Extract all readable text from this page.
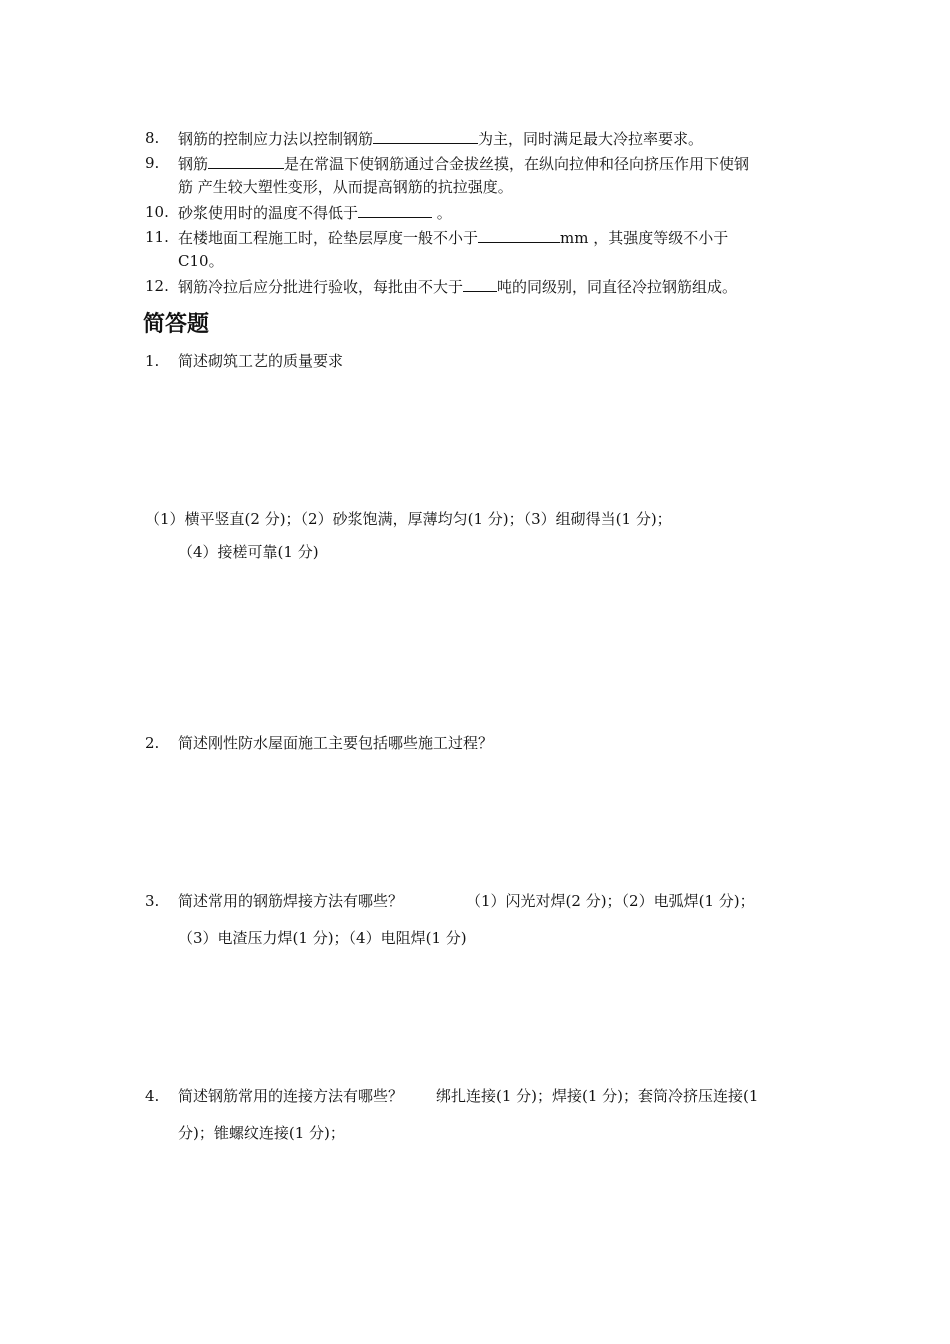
8. 钢筋的控制应力法以控制钢筋	为主，同时满足最大冷拉率要求。
9. 钢筋	是在常温下使钢筋通过合金拔丝摸，在纵向拉伸和径向挤压作用下使钢
筋 产生较大塑性变形，从而提高钢筋的抗拉强度。
10. 砂浆使用时的温度不得低于	。
11. 在楼地面工程施工时，砼垫层厚度一般不小于	mm ，其强度等级不小于
C10。
12. 钢筋冷拉后应分批进行验收，每批由不大于 吨的同级别，同直径冷拉钢筋组成。
简答题
1. 简述砌筑工艺的质量要求
（1）横平竖直(2 分)；（2）砂浆饱满，厚薄均匀(1 分)；（3）组砌得当(1 分)；
（4）接槎可靠(1 分)
2. 简述刚性防水屋面施工主要包括哪些施工过程？
3. 简述常用的钢筋焊接方法有哪些？	（1）闪光对焊(2 分)；（2）电弧焊(1 分)；
（3）电渣压力焊(1 分)；（4）电阻焊(1 分)
4. 简述钢筋常用的连接方法有哪些？ 绑扎连接(1 分)；焊接(1 分)；套筒冷挤压连接(1
分)；锥螺纹连接(1 分)；
